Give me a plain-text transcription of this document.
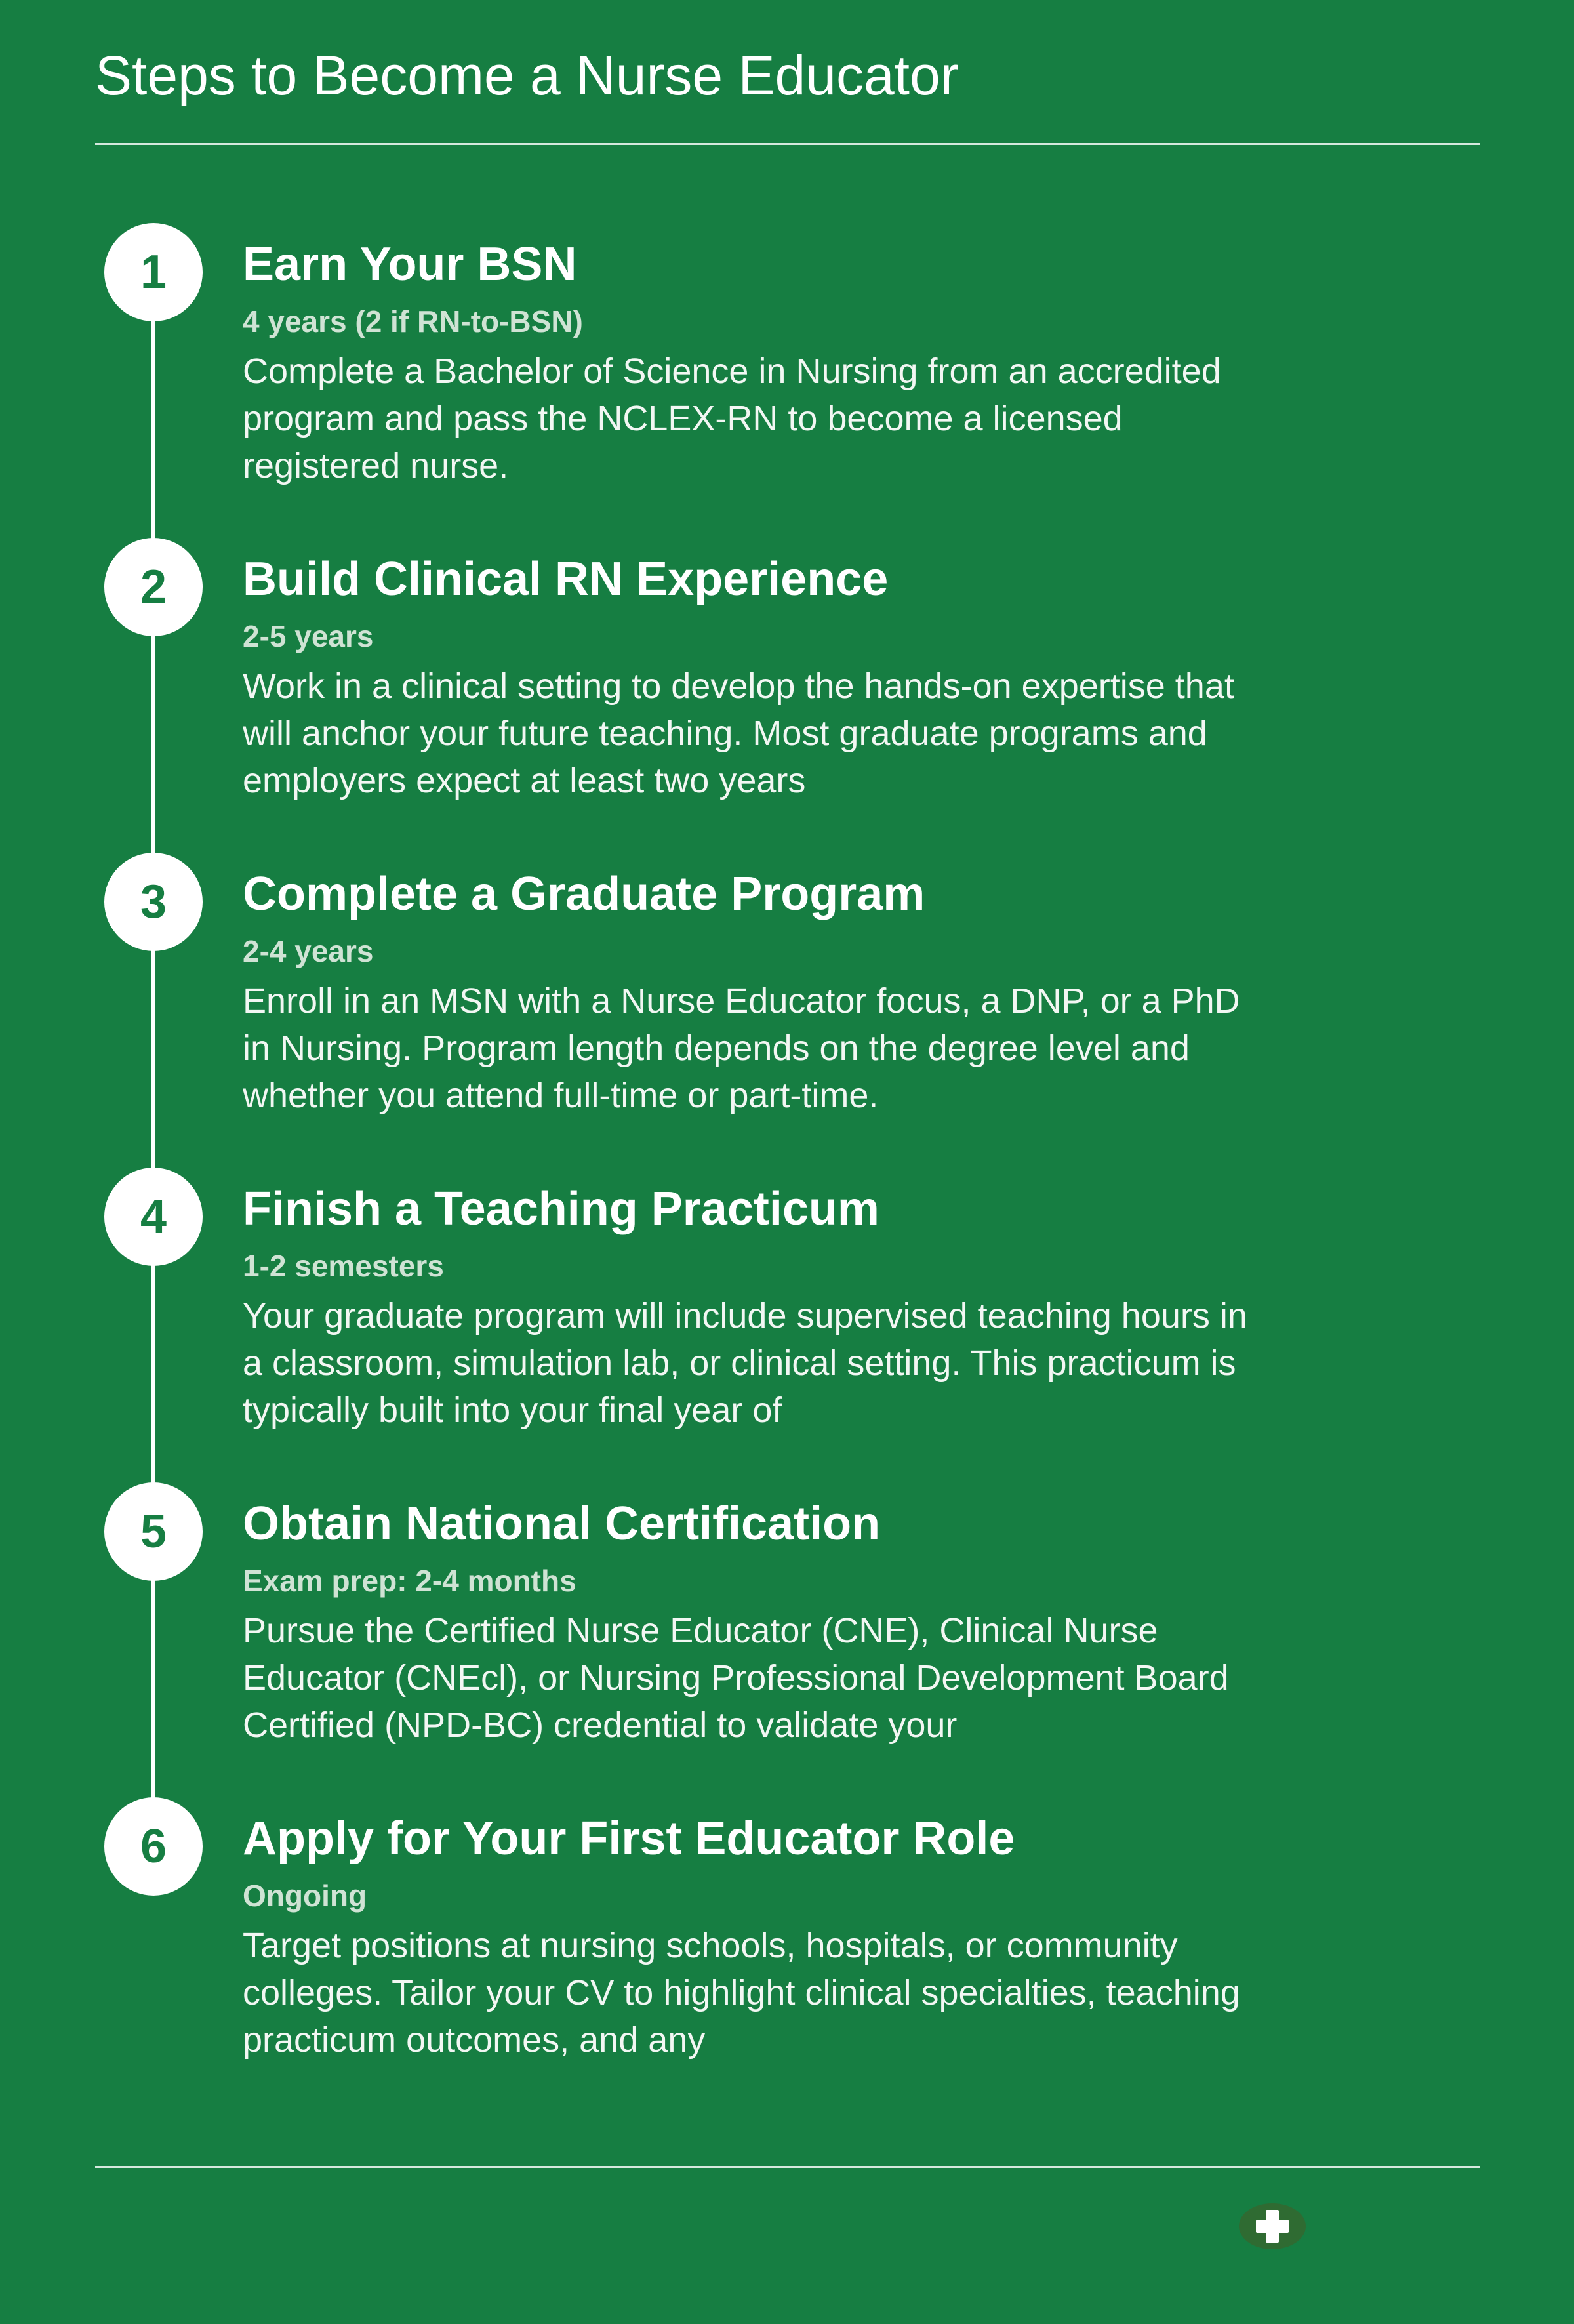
Steps to Become a Nurse Educator
1	Earn Your BSN
4 years (2 if RN-to-BSN)
Complete a Bachelor of Science in Nursing from an accredited program and pass the NCLEX-RN to become a licensed registered nurse.
2	Build Clinical RN Experience
2-5 years
Work in a clinical setting to develop the hands-on expertise that will anchor your future teaching. Most graduate programs and employers expect at least two years
3	Complete a Graduate Program
2-4 years
Enroll in an MSN with a Nurse Educator focus, a DNP, or a PhD in Nursing. Program length depends on the degree level and whether you attend full-time or part-time.
4	Finish a Teaching Practicum
1-2 semesters
Your graduate program will include supervised teaching hours in a classroom, simulation lab, or clinical setting. This practicum is typically built into your final year of
5	Obtain National Certification
Exam prep: 2-4 months
Pursue the Certified Nurse Educator (CNE), Clinical Nurse Educator (CNEcl), or Nursing Professional Development Board Certified (NPD-BC) credential to validate your
6	Apply for Your First Educator Role
Ongoing
Target positions at nursing schools, hospitals, or community colleges. Tailor your CV to highlight clinical specialties, teaching practicum outcomes, and any
